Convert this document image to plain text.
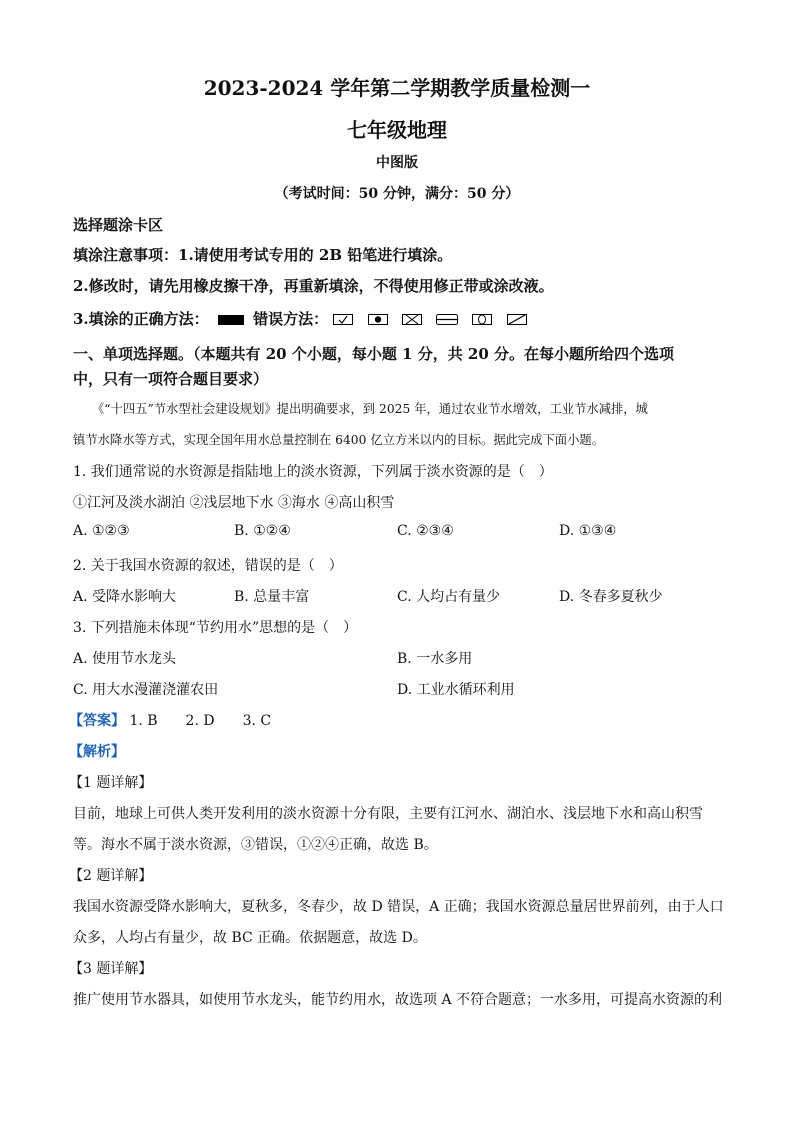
2023-2024 学年第二学期教学质量检测一
七年级地理
中图版
（考试时间：50 分钟，满分：50 分）
选择题涂卡区
填涂注意事项：1.请使用考试专用的 2B 铅笔进行填涂。
2.修改时，请先用橡皮擦干净，再重新填涂，不得使用修正带或涂改液。
3.填涂的正确方法：	错误方法：
一、单项选择题。（本题共有 20 个小题，每小题 1 分，共 20 分。在每小题所给四个选项
中，只有一项符合题目要求）
《“十四五”节水型社会建设规划》提出明确要求，到 2025 年，通过农业节水增效，工业节水减排，城
镇节水降水等方式，实现全国年用水总量控制在 6400 亿立方米以内的目标。据此完成下面小题。
1. 我们通常说的水资源是指陆地上的淡水资源，下列属于淡水资源的是（　）
①江河及淡水湖泊 ②浅层地下水 ③海水 ④高山积雪
A. ①②③	B. ①②④	C. ②③④	D. ①③④
2. 关于我国水资源的叙述，错误的是（　）
A. 受降水影响大	B. 总量丰富	C. 人均占有量少	D. 冬春多夏秋少
3. 下列措施未体现“节约用水”思想的是（　）
A. 使用节水龙头	B. 一水多用
C. 用大水漫灌浇灌农田	D. 工业水循环利用
【答案】 1. B　　2. D　　3. C
【解析】
【1 题详解】
目前，地球上可供人类开发利用的淡水资源十分有限，主要有江河水、湖泊水、浅层地下水和高山积雪
等。海水不属于淡水资源，③错误，①②④正确，故选 B。
【2 题详解】
我国水资源受降水影响大，夏秋多，冬春少，故 D 错误，A 正确；我国水资源总量居世界前列，由于人口
众多，人均占有量少，故 BC 正确。依据题意，故选 D。
【3 题详解】
推广使用节水器具，如使用节水龙头，能节约用水，故选项 A 不符合题意；一水多用，可提高水资源的利
